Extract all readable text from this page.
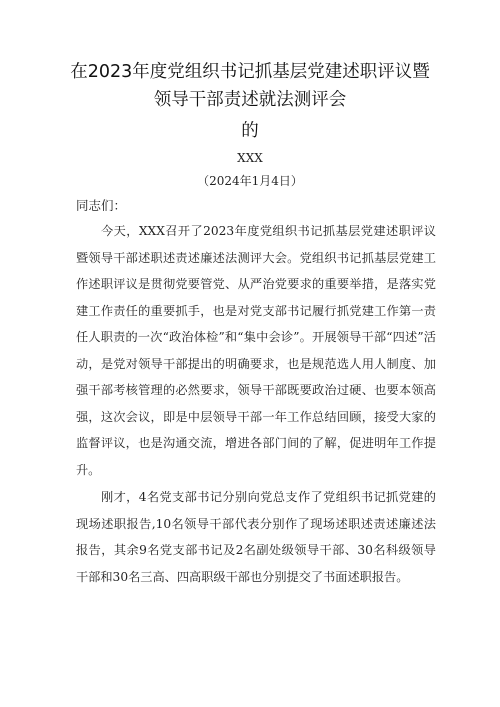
在2023年度党组织书记抓基层党建述职评议暨
领导干部责述就法测评会
的
XXX
（2024年1月4日）
同志们：
今天，XXX召开了2023年度党组织书记抓基层党建述职评议暨领导干部述职述责述廉述法测评大会。党组织书记抓基层党建工作述职评议是贯彻党要管党、从严治党要求的重要举措，是落实党建工作责任的重要抓手，也是对党支部书记履行抓党建工作第一责任人职责的一次“政治体检”和“集中会诊”。开展领导干部“四述”活动，是党对领导干部提出的明确要求，也是规范选人用人制度、加强干部考核管理的必然要求，领导干部既要政治过硬、也要本领高强，这次会议，即是中层领导干部一年工作总结回顾，接受大家的监督评议，也是沟通交流，增进各部门间的了解，促进明年工作提升。
刚才，4名党支部书记分别向党总支作了党组织书记抓党建的现场述职报告,10名领导干部代表分别作了现场述职述责述廉述法报告，其余9名党支部书记及2名副处级领导干部、30名科级领导干部和30名三高、四高职级干部也分别提交了书面述职报告。
